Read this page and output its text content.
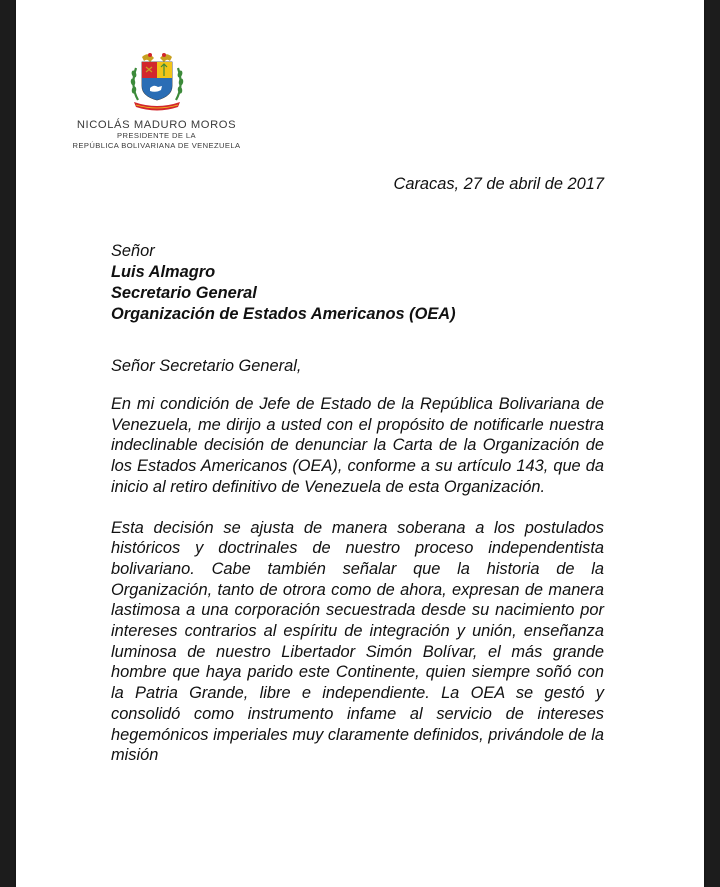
NICOLÁS MADURO MOROS
PRESIDENTE DE LA
REPÚBLICA BOLIVARIANA DE VENEZUELA

Caracas, 27 de abril de 2017

Señor
Luis Almagro
Secretario General
Organización de Estados Americanos (OEA)
Señor Secretario General,

En mi condición de Jefe de Estado de la República Bolivariana de Venezuela, me dirijo a usted con el propósito de notificarle nuestra indeclinable decisión de denunciar la Carta de la Organización de los Estados Americanos (OEA), conforme a su artículo 143, que da inicio al retiro definitivo de Venezuela de esta Organización.

Esta decisión se ajusta de manera soberana a los postulados históricos y doctrinales de nuestro proceso independentista bolivariano. Cabe también señalar que la historia de la Organización, tanto de otrora como de ahora, expresan de manera lastimosa a una corporación secuestrada desde su nacimiento por intereses contrarios al espíritu de integración y unión, enseñanza luminosa de nuestro Libertador Simón Bolívar, el más grande hombre que haya parido este Continente, quien siempre soñó con la Patria Grande, libre e independiente. La OEA se gestó y consolidó como instrumento infame al servicio de intereses hegemónicos imperiales muy claramente definidos, privándole de la misión
